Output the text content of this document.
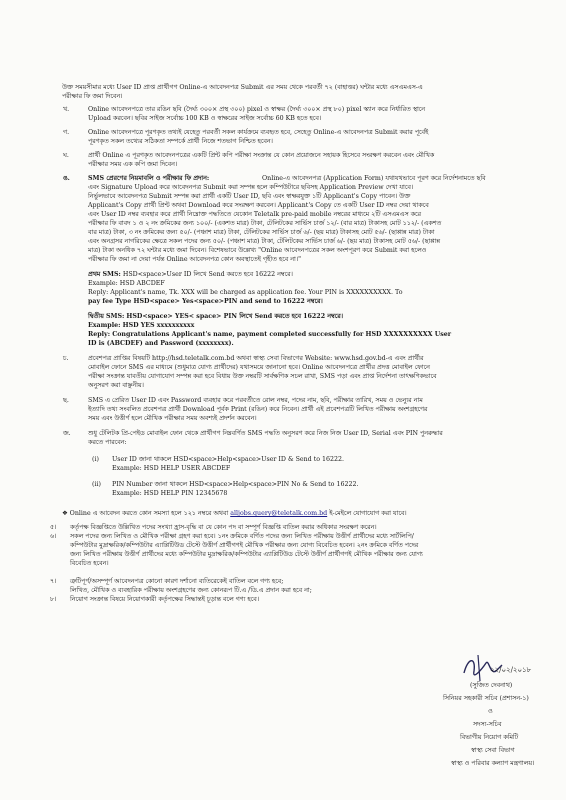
উক্ত সময়সীমার মধ্যে User ID প্রাপ্ত প্রার্থীগণ Online-এ আবেদনপত্র Submit এর সময় থেকে পরবর্তী ৭২ (বাহাত্তর) ঘন্টার মধ্যে এসএমএস-এ
পরীক্ষার ফি জমা দিবেন।
খ.	Online আবেদনপত্রে তার রঙিন ছবি (দৈর্ঘ্য ৩০০× প্রস্থ ৩০০) pixel ও স্বাক্ষর (দৈর্ঘ্য ৩০০× প্রস্থ ৮০) pixel স্ক্যান করে নির্ধারিত স্থানে
Upload করবেন। ছবির সাইজ সর্বোচ্চ 100 KB ও স্বাক্ষরের সাইজ সর্বোচ্চ 60 KB হতে হবে।
গ.	Online আবেদনপত্রে পূরণকৃত তথ্যই যেহেতু পরবর্তী সকল কার্যক্রমে ব্যবহৃত হবে, সেহেতু Online-এ আবেদনপত্র Submit করার পূর্বেই
পূরণকৃত সকল তথ্যের সঠিকতা সম্পর্কে প্রার্থী নিজে শতভাগ নিশ্চিত হবেন।
ঘ.	প্রার্থী Online এ পূরণকৃত আবেদনপত্রের একটি প্রিন্ট কপি পরীক্ষা সংক্রান্ত যে কোন প্রয়োজনে সহায়ক হিসেবে সংরক্ষণ করবেন এবং মৌখিক
পরীক্ষার সময় এক কপি জমা দিবেন।
ঙ.	SMS প্রেরণের নিয়মাবলি ও পরীক্ষার ফি প্রদান:	Online-এ আবেদনপত্র (Application Form) যথাযথভাবে পূরণ করে নির্দেশনামতে ছবি
এবং Signature Upload করে আবেদনপত্র Submit করা সম্পন্ন হলে কম্পিউটারে ছবিসহ Application Preview দেখা যাবে।
নির্ভুলভাবে আবেদনপত্র Submit সম্পন্ন করা প্রার্থী একটি User ID, ছবি এবং স্বাক্ষরযুক্ত ১টি Applicant's Copy পাবেন। উক্ত
Applicant's Copy প্রার্থী প্রিন্ট অথবা Download করে সংরক্ষণ করবেন। Applicant's Copy তে একটি User ID নম্বর দেয়া থাকবে
এবং User ID নম্বর ব্যবহার করে প্রার্থী নিম্নোক্ত পদ্ধতিতে যেকোন Teletalk pre-paid mobile নম্বরের মাধ্যমে ২টি এসএমএস করে
পরীক্ষার ফি বাবদ ১ ও ২ নং ক্রমিকের জন্য ১০০/- (একশত মাত্র) টাকা, টেলিটকের সার্ভিস চার্জ ১২/- (বার মাত্র) টাকাসহ মোট ১১২/- (একশত
বার মাত্র) টাকা, ৩ নং ক্রমিকের জন্য ৫০/- (পঞ্চাশ মাত্র) টাকা, টেলিটকের সার্ভিস চার্জ ৬/- (ছয় মাত্র) টাকাসহ মোট ৫৬/- (ছাপ্পান্ন মাত্র) টাকা
এবং অনগ্রসর নাগরিকের ক্ষেত্রে সকল পদের জন্য ৫০/- (পঞ্চাশ মাত্র) টাকা, টেলিটকের সার্ভিস চার্জ ৬/- (ছয় মাত্র) টাকাসহ মোট ৫৬/- (ছাপ্পান্ন
মাত্র) টাকা অনধিক ৭২ ঘন্টার মধ্যে জমা দিবেন। বিশেষভাবে উল্লেখ্য "Online আবেদনপত্রের সকল অংশপূরণ করে Submit করা হলেও
পরীক্ষার ফি জমা না দেয়া পর্যন্ত Online আবেদনপত্র কোন অবস্থাতেই গৃহীত হবে না।"
প্রথম SMS: HSD<space>User ID লিখে Send করতে হবে 16222 নম্বরে।
Example: HSD ABCDEF
Reply: Applicant's name, Tk. XXX will be charged as application fee. Your PIN is XXXXXXXXXX. To
pay fee Type HSD<space> Yes<space>PIN and send to 16222 নম্বরে।
দ্বিতীয় SMS: HSD<space> YES< space> PIN লিখে Send করতে হবে 16222 নম্বরে।
Example: HSD YES xxxxxxxxxx
Reply: Congratulations Applicant's name, payment completed successfully for HSD XXXXXXXXXX User
ID is (ABCDEF) and Password (xxxxxxxx).
চ.	প্রবেশপত্র প্রাপ্তির বিষয়টি http://hsd.teletalk.com.bd অথবা স্বাস্থ্য সেবা বিভাগের Website: www.hsd.gov.bd-এ এবং প্রার্থীর
মোবাইল ফোনে SMS এর মাধ্যমে (শুধুমাত্র যোগ্য প্রার্থীদের) যথাসময়ে জানানো হবে। Online আবেদনপত্রে প্রার্থীর প্রদত্ত মোবাইল ফোনে
পরীক্ষা সংক্রান্ত যাবতীয় যোগাযোগ সম্পন্ন করা হবে বিধায় উক্ত নম্বরটি সার্বক্ষণিক সচল রাখা, SMS পড়া এবং প্রাপ্ত নির্দেশনা তাৎক্ষণিকভাবে
অনুসরণ করা বাঞ্ছনীয়।
ছ.	SMS এ প্রেরিত User ID এবং Password ব্যবহার করে পরবর্তীতে রোল নম্বর, পদের নাম, ছবি, পরীক্ষার তারিখ, সময় ও ভেন্যুর নাম
ইত্যাদি তথ্য সংবলিত প্রবেশপত্র প্রার্থী Download পূর্বক Print (রঙিন) করে নিবেন। প্রার্থী এই প্রবেশপত্রটি লিখিত পরীক্ষায় অংশগ্রহণের
সময় এবং উত্তীর্ণ হলে মৌখিক পরীক্ষার সময় অবশ্যই প্রদর্শন করবেন।
জ.	শুধু টেলিটক প্রি-পেইড মোবাইল ফোন থেকে প্রার্থীগণ নিম্নবর্ণিত SMS পদ্ধতি অনুসরণ করে নিজ নিজ User ID, Serial এবং PIN পুনরুদ্ধার
করতে পারবেন:
(i) User ID জানা থাকলে HSD<space>Help<space>User ID & Send to 16222.
Example: HSD HELP USER ABCDEF
(ii) PIN Number জানা থাকলে HSD<space>Help<space>PIN No & Send to 16222.
Example: HSD HELP PIN 12345678
❖ Online এ আবেদন করতে কোন সমস্যা হলে ১২১ নম্বরে অথবা alljobs.query@teletalk.com.bd ই-মেইলে যোগাযোগ করা যাবে।
৫। কর্তৃপক্ষ বিজ্ঞপ্তিতে উল্লিখিত পদের সংখ্যা হ্রাস-বৃদ্ধি বা যে কোন পদ বা সম্পূর্ণ বিজ্ঞপ্তি বাতিল করার অধিকার সংরক্ষণ করেন।
৬। সকল পদের জন্য লিখিত ও মৌখিক পরীক্ষা গ্রহণ করা হবে। ১নং ক্রমিকে বর্ণিত পদের জন্য লিখিত পরীক্ষায় উত্তীর্ণ প্রার্থীদের মধ্যে সার্টলিপি/
কম্পিউটার মুদ্রাক্ষরিক/কম্পিউটার এ্যাপ্লিটিউড টেস্টে উত্তীর্ণ প্রার্থীগণই মৌখিক পরীক্ষার জন্য যোগ্য বিবেচিত হবেন। ২নং ক্রমিকে বর্ণিত পদের
জন্য লিখিত পরীক্ষায় উত্তীর্ণ প্রার্থীদের মধ্যে কম্পিউটার মুদ্রাক্ষরিক/কম্পিউটার এ্যাপ্লিটিউড টেস্টে উত্তীর্ণ প্রার্থীগণই মৌখিক পরীক্ষার জন্য যোগ্য
বিবেচিত হবেন।
৭। ত্রুটিপূর্ণ/অসম্পূর্ণ আবেদনপত্র কোনো কারণ দর্শানো ব্যতিরেকেই বাতিল বলে গণ্য হবে;
লিখিত, মৌখিক ও ব্যবহারিক পরীক্ষায় অংশগ্রহণের জন্য কোনরূপ টি.এ /ডি.এ প্রদান করা হবে না;
৮। নিয়োগ সংক্রান্ত বিষয়ে নিয়োগকারী কর্তৃপক্ষের সিদ্ধান্তই চূড়ান্ত বলে গণ্য হবে।
২২/০২/২০১৮
(সুজিত দেবনাথ)
সিনিয়র সহকারী সচিব (প্রশাসন-১)
ও
সদস্য-সচিব
বিভাগীয় নিয়োগ কমিটি
স্বাস্থ্য সেবা বিভাগ
স্বাস্থ্য ও পরিবার কল্যাণ মন্ত্রণালয়।
